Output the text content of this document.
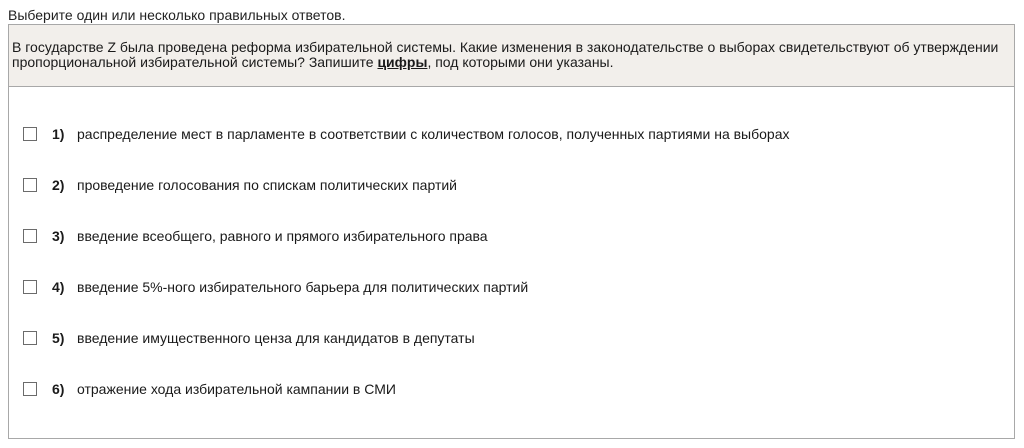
Выберите один или несколько правильных ответов.
В государстве Z была проведена реформа избирательной системы. Какие изменения в законодательстве о выборах свидетельствуют об утверждении пропорциональной избирательной системы? Запишите цифры, под которыми они указаны.
1) распределение мест в парламенте в соответствии с количеством голосов, полученных партиями на выборах
2) проведение голосования по спискам политических партий
3) введение всеобщего, равного и прямого избирательного права
4) введение 5%-ного избирательного барьера для политических партий
5) введение имущественного ценза для кандидатов в депутаты
6) отражение хода избирательной кампании в СМИ
